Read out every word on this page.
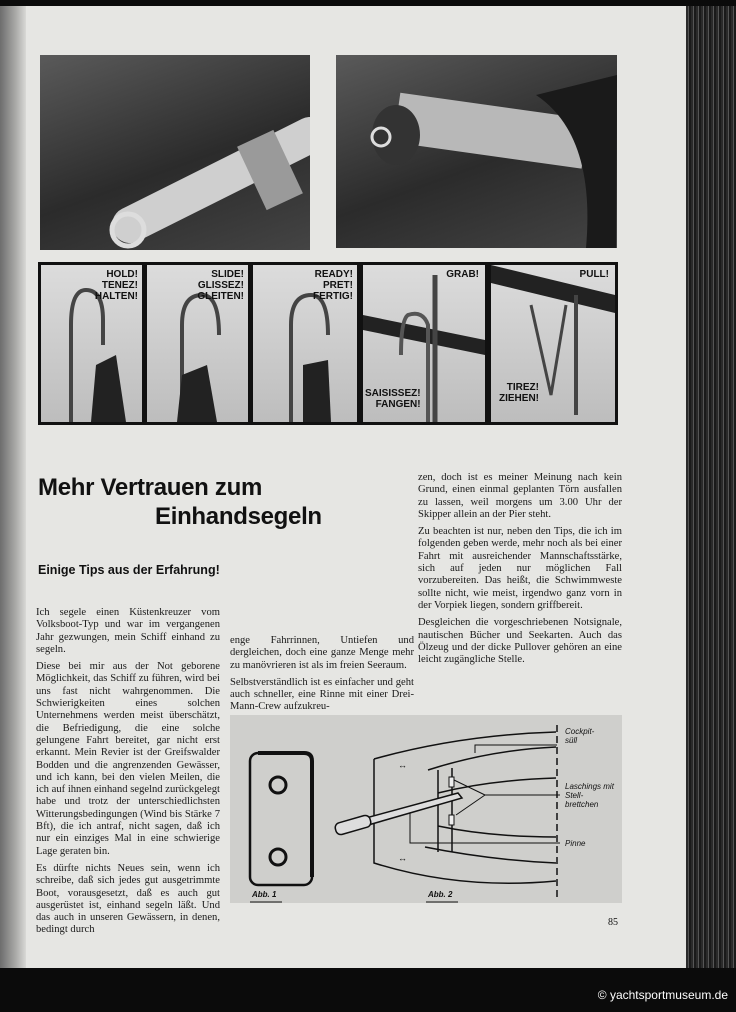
HOLD!
TENEZ!
HALTEN!
SLIDE!
GLISSEZ!
GLEITEN!
READY!
PRET!
FERTIG!
GRAB!
SAISISSEZ!
FANGEN!
PULL!
TIREZ!
ZIEHEN!
Mehr Vertrauen zum
Einhandsegeln
Einige Tips aus der Erfahrung!

Ich segele einen Küstenkreuzer vom Volksboot-Typ und war im vergangenen Jahr gezwungen, mein Schiff einhand zu segeln.

Diese bei mir aus der Not geborene Möglichkeit, das Schiff zu führen, wird bei uns fast nicht wahrgenommen. Die Schwierigkeiten eines solchen Unternehmens werden meist überschätzt, die Befriedigung, die eine solche gelungene Fahrt bereitet, gar nicht erst erkannt. Mein Revier ist der Greifswalder Bodden und die angrenzenden Gewässer, und ich kann, bei den vielen Meilen, die ich auf ihnen einhand segelnd zurückgelegt habe und trotz der unterschiedlichsten Witterungsbedingungen (Wind bis Stärke 7 Bft), die ich antraf, nicht sagen, daß ich nur ein einziges Mal in eine schwierige Lage geraten bin.

Es dürfte nichts Neues sein, wenn ich schreibe, daß sich jedes gut ausgetrimmte Boot, vorausgesetzt, daß es auch gut ausgerüstet ist, einhand segeln läßt. Und das auch in unseren Gewässern, in denen, bedingt durch

enge Fahrrinnen, Untiefen und dergleichen, doch eine ganze Menge mehr zu manövrieren ist als im freien Seeraum.

Selbstverständlich ist es einfacher und geht auch schneller, eine Rinne mit einer Drei-Mann-Crew aufzukreu-

zen, doch ist es meiner Meinung nach kein Grund, einen einmal geplanten Törn ausfallen zu lassen, weil morgens um 3.00 Uhr der Skipper allein an der Pier steht.

Zu beachten ist nur, neben den Tips, die ich im folgenden geben werde, mehr noch als bei einer Fahrt mit ausreichender Mannschaftsstärke, sich auf jeden nur möglichen Fall vorzubereiten. Das heißt, die Schwimmweste sollte nicht, wie meist, irgendwo ganz vorn in der Vorpiek liegen, sondern griffbereit.

Desgleichen die vorgeschriebenen Notsignale, nautischen Bücher und Seekarten. Auch das Ölzeug und der dicke Pullover gehören an eine leicht zugängliche Stelle.

↔
↔
Abb. 1	Abb. 2
Cockpit-süll
Laschings mit Stell-brettchen
Pinne
85
© yachtsportmuseum.de
